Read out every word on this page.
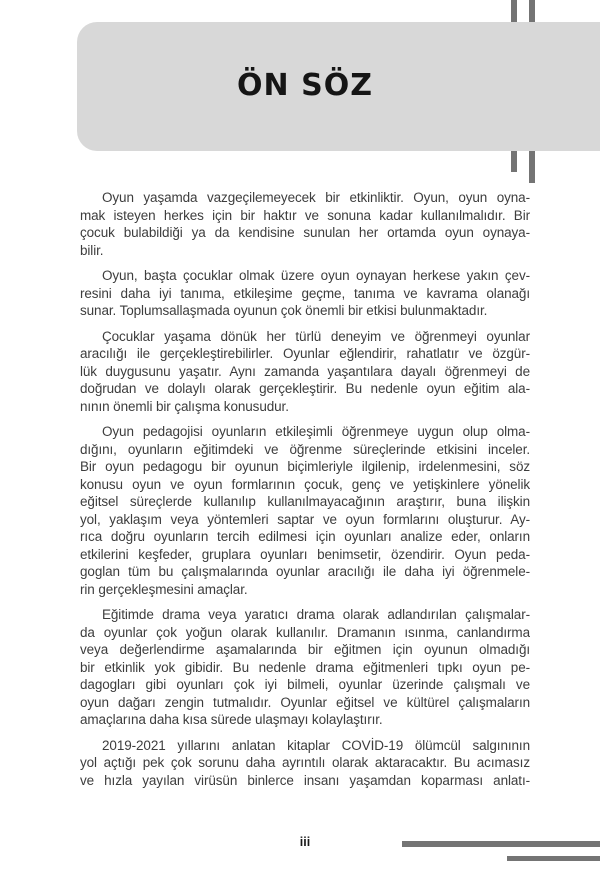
ÖN SÖZ
Oyun yaşamda vazgeçilemeyecek bir etkinliktir. Oyun, oyun oyna-
mak isteyen herkes için bir haktır ve sonuna kadar kullanılmalıdır. Bir
çocuk bulabildiği ya da kendisine sunulan her ortamda oyun oynaya-
bilir.
Oyun, başta çocuklar olmak üzere oyun oynayan herkese yakın çev-
resini daha iyi tanıma, etkileşime geçme, tanıma ve kavrama olanağı
sunar. Toplumsallaşmada oyunun çok önemli bir etkisi bulunmaktadır.
Çocuklar yaşama dönük her türlü deneyim ve öğrenmeyi oyunlar
aracılığı ile gerçekleştirebilirler. Oyunlar eğlendirir, rahatlatır ve özgür-
lük duygusunu yaşatır. Aynı zamanda yaşantılara dayalı öğrenmeyi de
doğrudan ve dolaylı olarak gerçekleştirir. Bu nedenle oyun eğitim ala-
nının önemli bir çalışma konusudur.
Oyun pedagojisi oyunların etkileşimli öğrenmeye uygun olup olma-
dığını, oyunların eğitimdeki ve öğrenme süreçlerinde etkisini inceler.
Bir oyun pedagogu bir oyunun biçimleriyle ilgilenip, irdelenmesini, söz
konusu oyun ve oyun formlarının çocuk, genç ve yetişkinlere yönelik
eğitsel süreçlerde kullanılıp kullanılmayacağının araştırır, buna ilişkin
yol, yaklaşım veya yöntemleri saptar ve oyun formlarını oluşturur. Ay-
rıca doğru oyunların tercih edilmesi için oyunları analize eder, onların
etkilerini keşfeder, gruplara oyunları benimsetir, özendirir. Oyun peda-
goglan tüm bu çalışmalarında oyunlar aracılığı ile daha iyi öğrenmele-
rin gerçekleşmesini amaçlar.
Eğitimde drama veya yaratıcı drama olarak adlandırılan çalışmalar-
da oyunlar çok yoğun olarak kullanılır. Dramanın ısınma, canlandırma
veya değerlendirme aşamalarında bir eğitmen için oyunun olmadığı
bir etkinlik yok gibidir. Bu nedenle drama eğitmenleri tıpkı oyun pe-
dagogları gibi oyunları çok iyi bilmeli, oyunlar üzerinde çalışmalı ve
oyun dağarı zengin tutmalıdır. Oyunlar eğitsel ve kültürel çalışmaların
amaçlarına daha kısa sürede ulaşmayı kolaylaştırır.
2019-2021 yıllarını anlatan kitaplar COVİD-19 ölümcül salgınının
yol açtığı pek çok sorunu daha ayrıntılı olarak aktaracaktır. Bu acımasız
ve hızla yayılan virüsün binlerce insanı yaşamdan koparması anlatı-
iii
